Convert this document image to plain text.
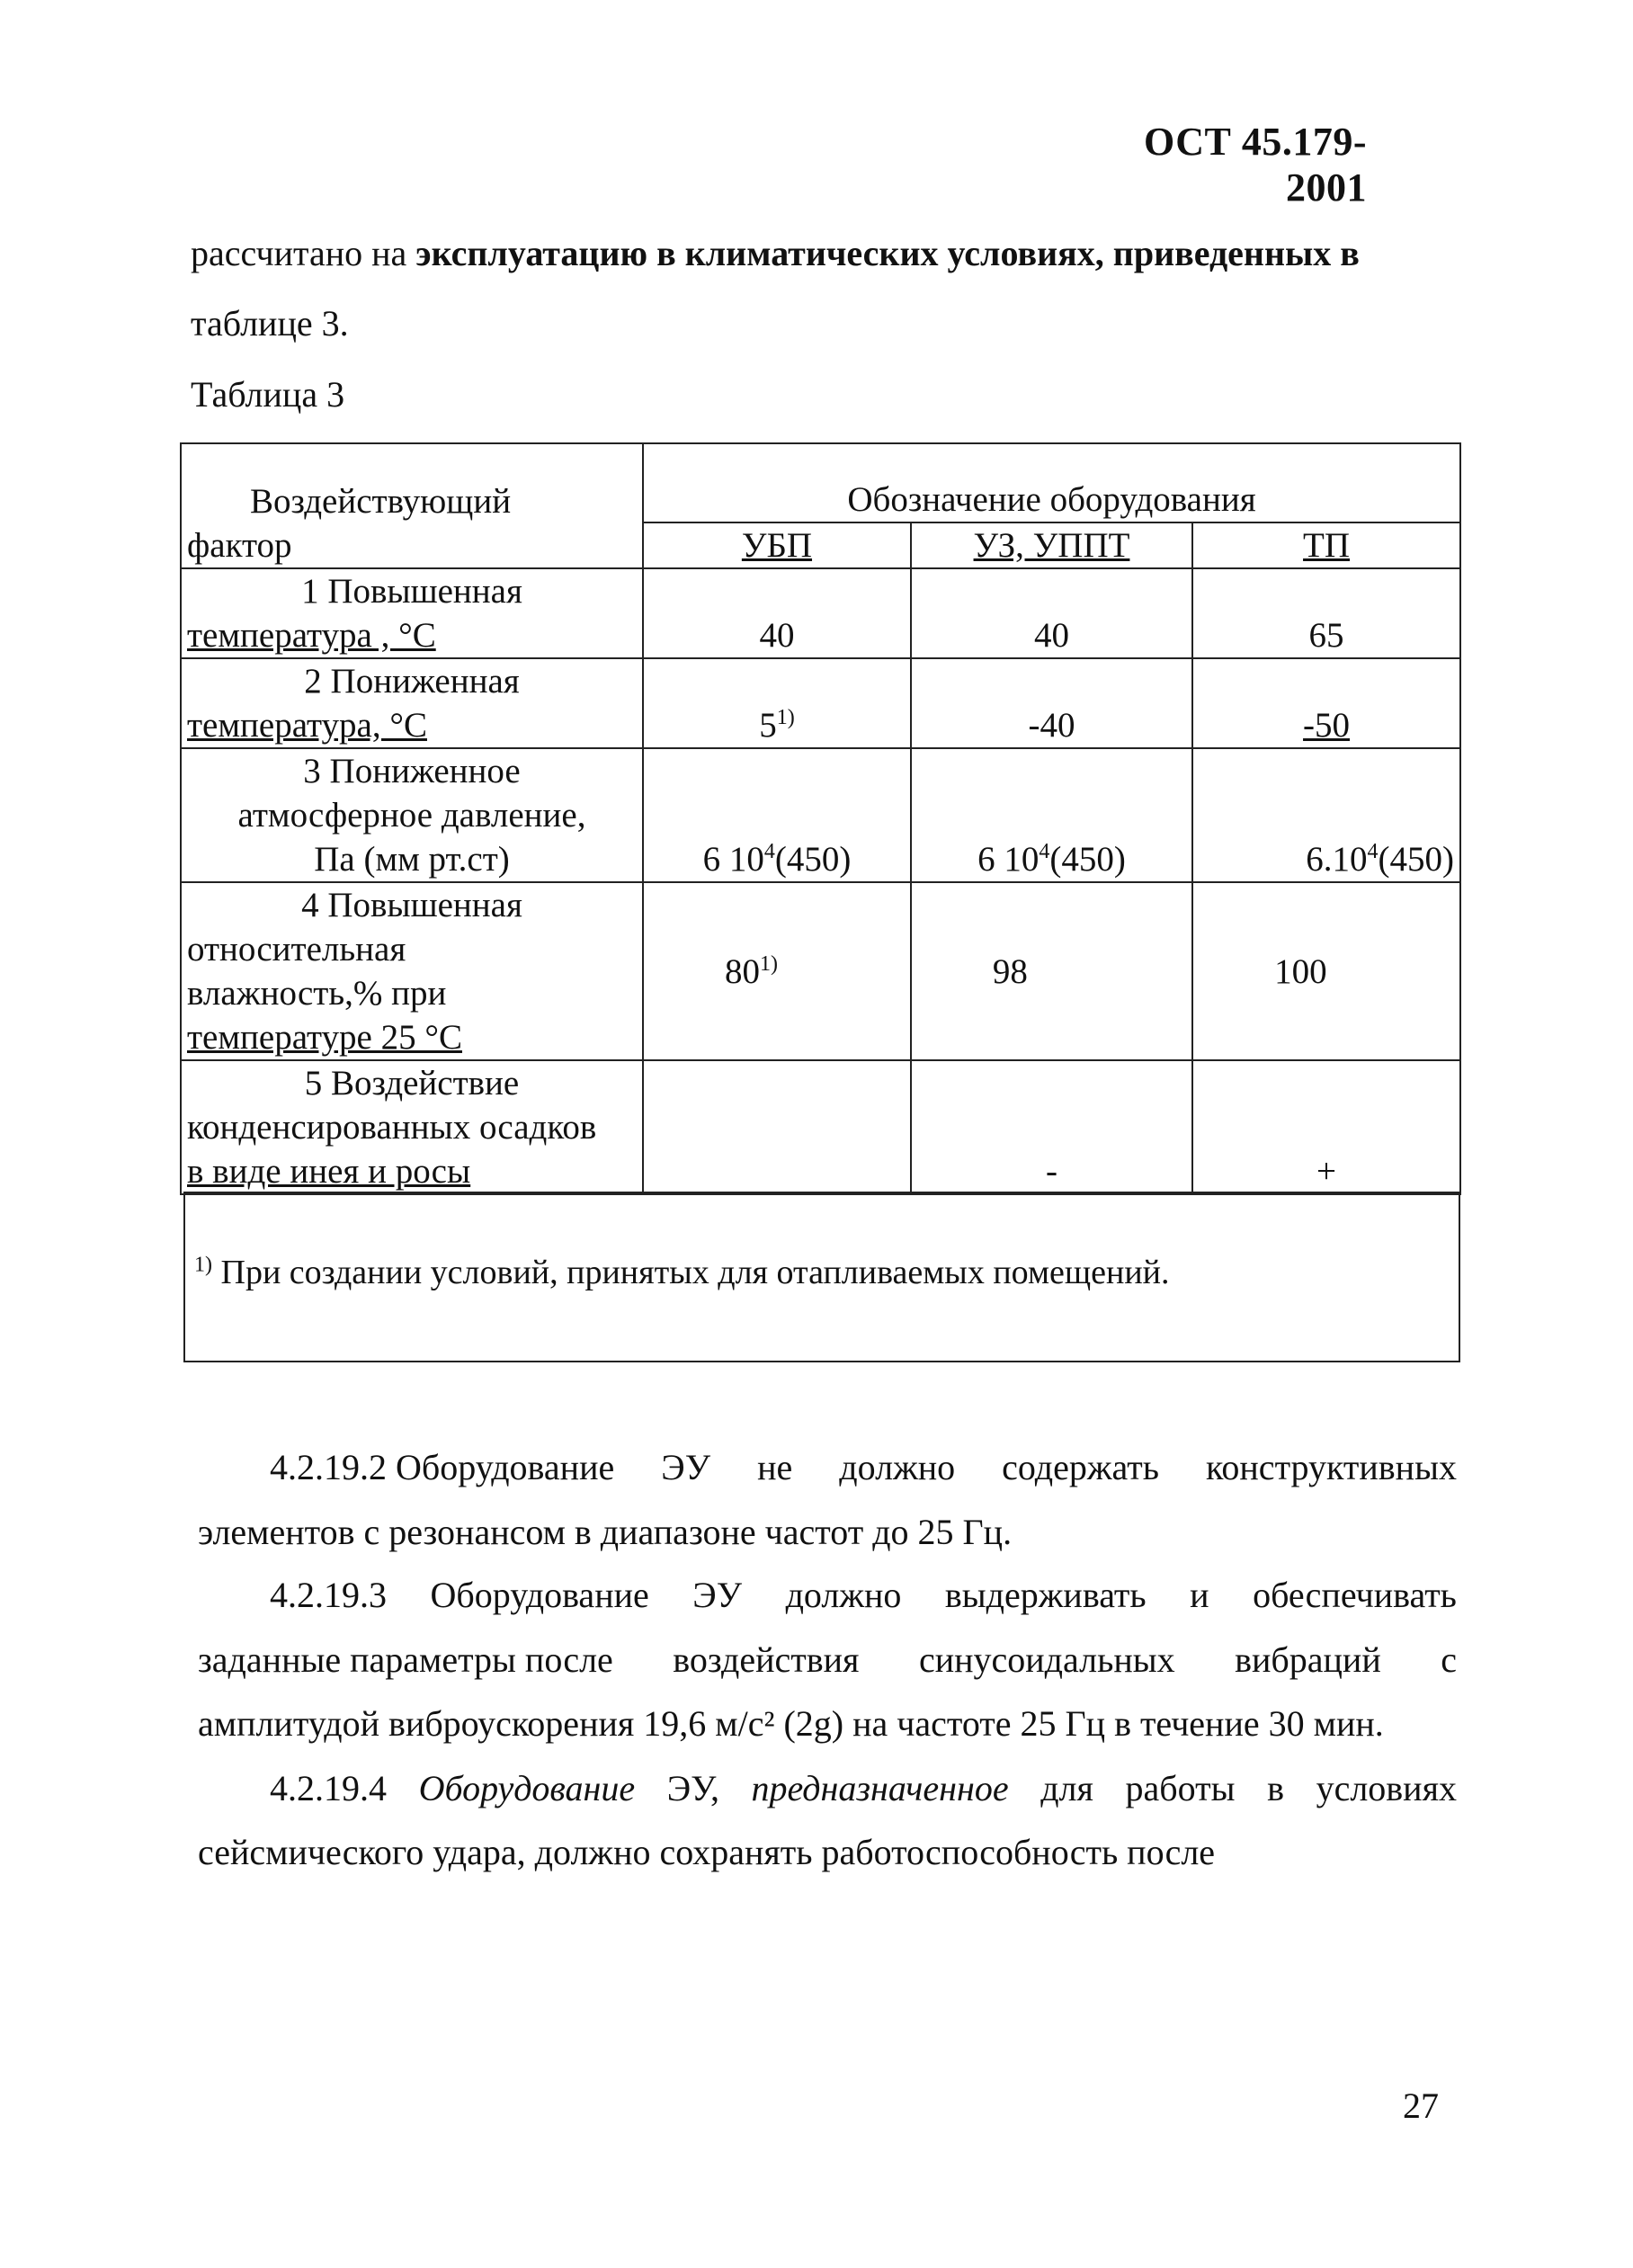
ОСТ 45.179-2001
рассчитано на эксплуатацию в климатических условиях, приведенных в
таблице 3.
Таблица 3
Воздействующий
фактор	Обозначение оборудования		
	УБП	УЗ, УППТ	ТП

1 Повышенная
температура , °С	40	40	65

2 Пониженная
температура, °С	5$^{1)}$	-40	-50

3 Пониженное
атмосферное давление,
Па (мм рт.ст)	6 $10^4(450)$	6 $10^4(450)$	6.10$^4$(450)

4 Повышенная
относительная
влажность,% при
температуре 25 °С	80$^{1)}$	98	100

5 Воздействие
конденсированных осадков
в виде инея и росы		-	+
$^{1)}$ При создании условий, принятых для отапливаемых помещений.
4.2.19.2 Оборудование ЭУ не должно содержать конструктивных
элементов с резонансом в диапазоне частот до 25 Гц.
4.2.19.3 Оборудование ЭУ должно выдерживать и обеспечивать
заданные параметры после воздействия синусоидальных вибраций с
амплитудой виброускорения 19,6 м/с² (2g) на частоте 25 Гц в течение 30 мин.
4.2.19.4 Оборудование ЭУ, предназначенное для работы в условиях
сейсмического удара, должно сохранять работоспособность после
27
